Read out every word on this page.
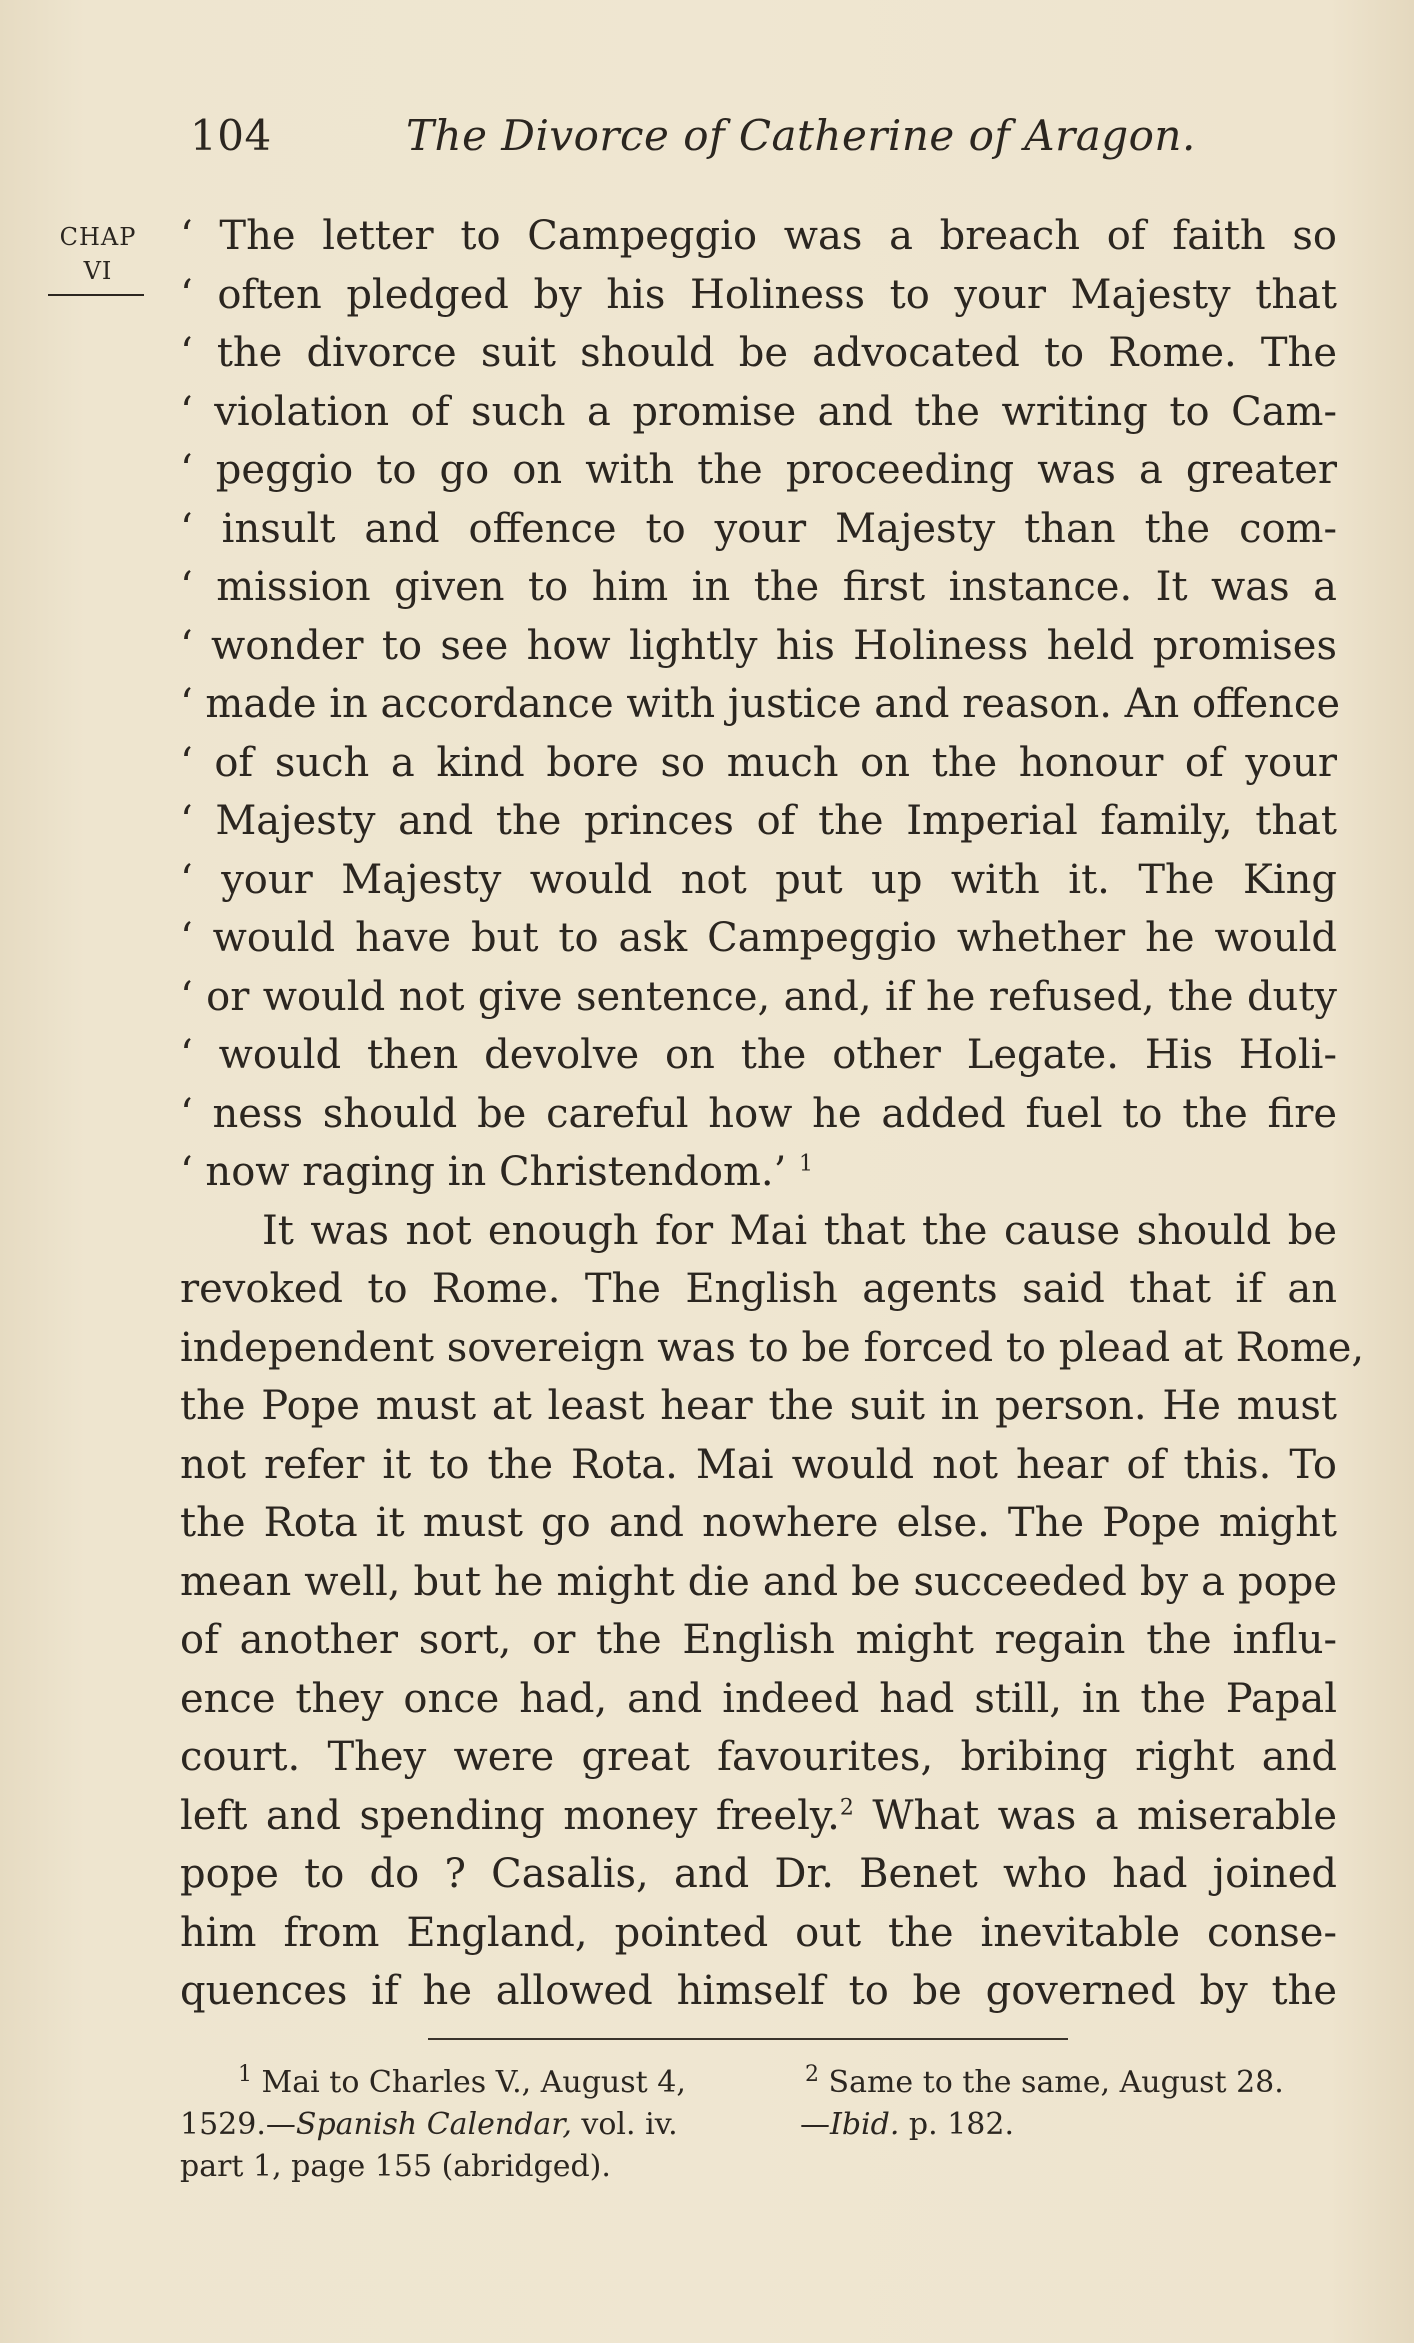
104	The Divorce of Catherine of Aragon.
CHAP
VI
‘ The letter to Campeggio was a breach of faith so
‘ often pledged by his Holiness to your Majesty that
‘ the divorce suit should be advocated to Rome. The
‘ violation of such a promise and the writing to Cam-
‘ peggio to go on with the proceeding was a greater
‘ insult and offence to your Majesty than the com-
‘ mission given to him in the first instance. It was a
‘ wonder to see how lightly his Holiness held promises
‘ made in accordance with justice and reason. An offence
‘ of such a kind bore so much on the honour of your
‘ Majesty and the princes of the Imperial family, that
‘ your Majesty would not put up with it. The King
‘ would have but to ask Campeggio whether he would
‘ or would not give sentence, and, if he refused, the duty
‘ would then devolve on the other Legate. His Holi-
‘ ness should be careful how he added fuel to the fire
‘ now raging in Christendom.’ $^1$
It was not enough for Mai that the cause should be
revoked to Rome. The English agents said that if an
independent sovereign was to be forced to plead at Rome,
the Pope must at least hear the suit in person. He must
not refer it to the Rota. Mai would not hear of this. To
the Rota it must go and nowhere else. The Pope might
mean well, but he might die and be succeeded by a pope
of another sort, or the English might regain the influ-
ence they once had, and indeed had still, in the Papal
court. They were great favourites, bribing right and
left and spending money freely.$^2$ What was a miserable
pope to do ? Casalis, and Dr. Benet who had joined
him from England, pointed out the inevitable conse-
quences if he allowed himself to be governed by the
$^1$ Mai to Charles V., August 4,
1529.—Spanish Calendar, vol. iv.
part 1, page 155 (abridged).
$^2$ Same to the same, August 28.
—Ibid. p. 182.
